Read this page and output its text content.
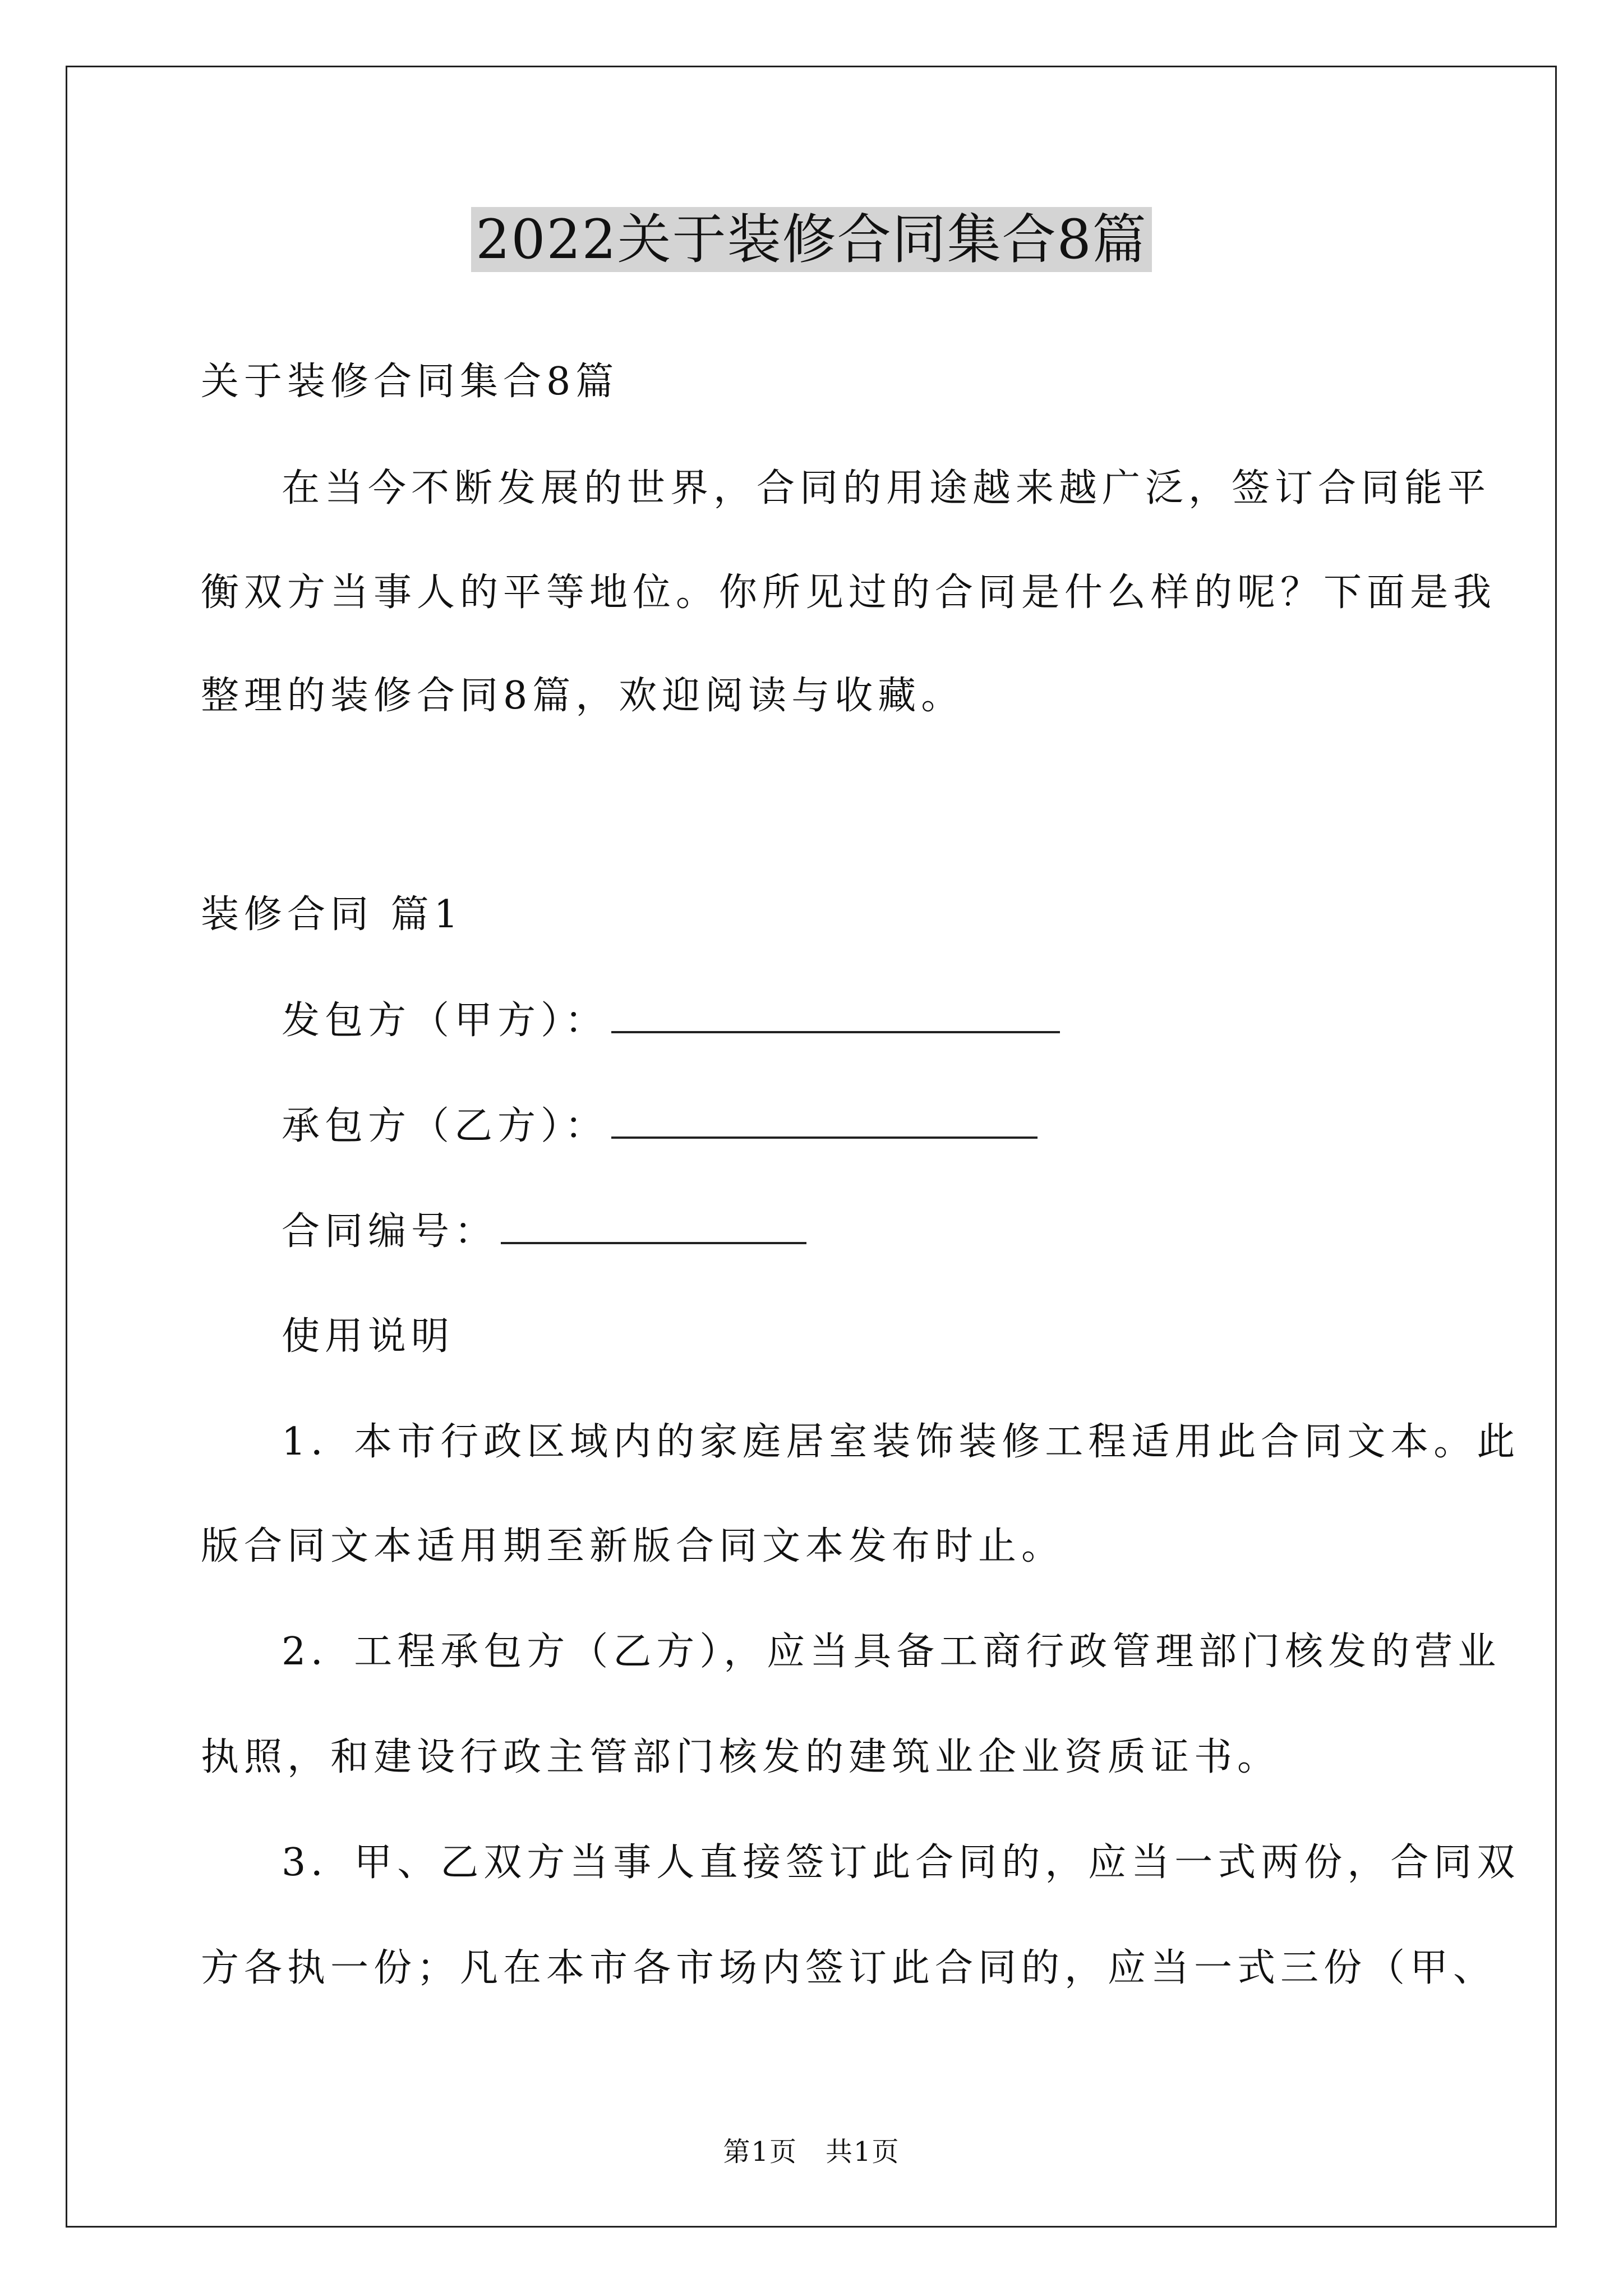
2022关于装修合同集合8篇
关于装修合同集合8篇
在当今不断发展的世界，合同的用途越来越广泛，签订合同能平
衡双方当事人的平等地位。你所见过的合同是什么样的呢？下面是我
整理的装修合同8篇，欢迎阅读与收藏。
装修合同 篇1
发包方（甲方）：
承包方（乙方）：
合同编号：
使用说明
1．本市行政区域内的家庭居室装饰装修工程适用此合同文本。此
版合同文本适用期至新版合同文本发布时止。
2．工程承包方（乙方），应当具备工商行政管理部门核发的营业
执照，和建设行政主管部门核发的建筑业企业资质证书。
3．甲、乙双方当事人直接签订此合同的，应当一式两份，合同双
方各执一份；凡在本市各市场内签订此合同的，应当一式三份（甲、
第1页　共1页
